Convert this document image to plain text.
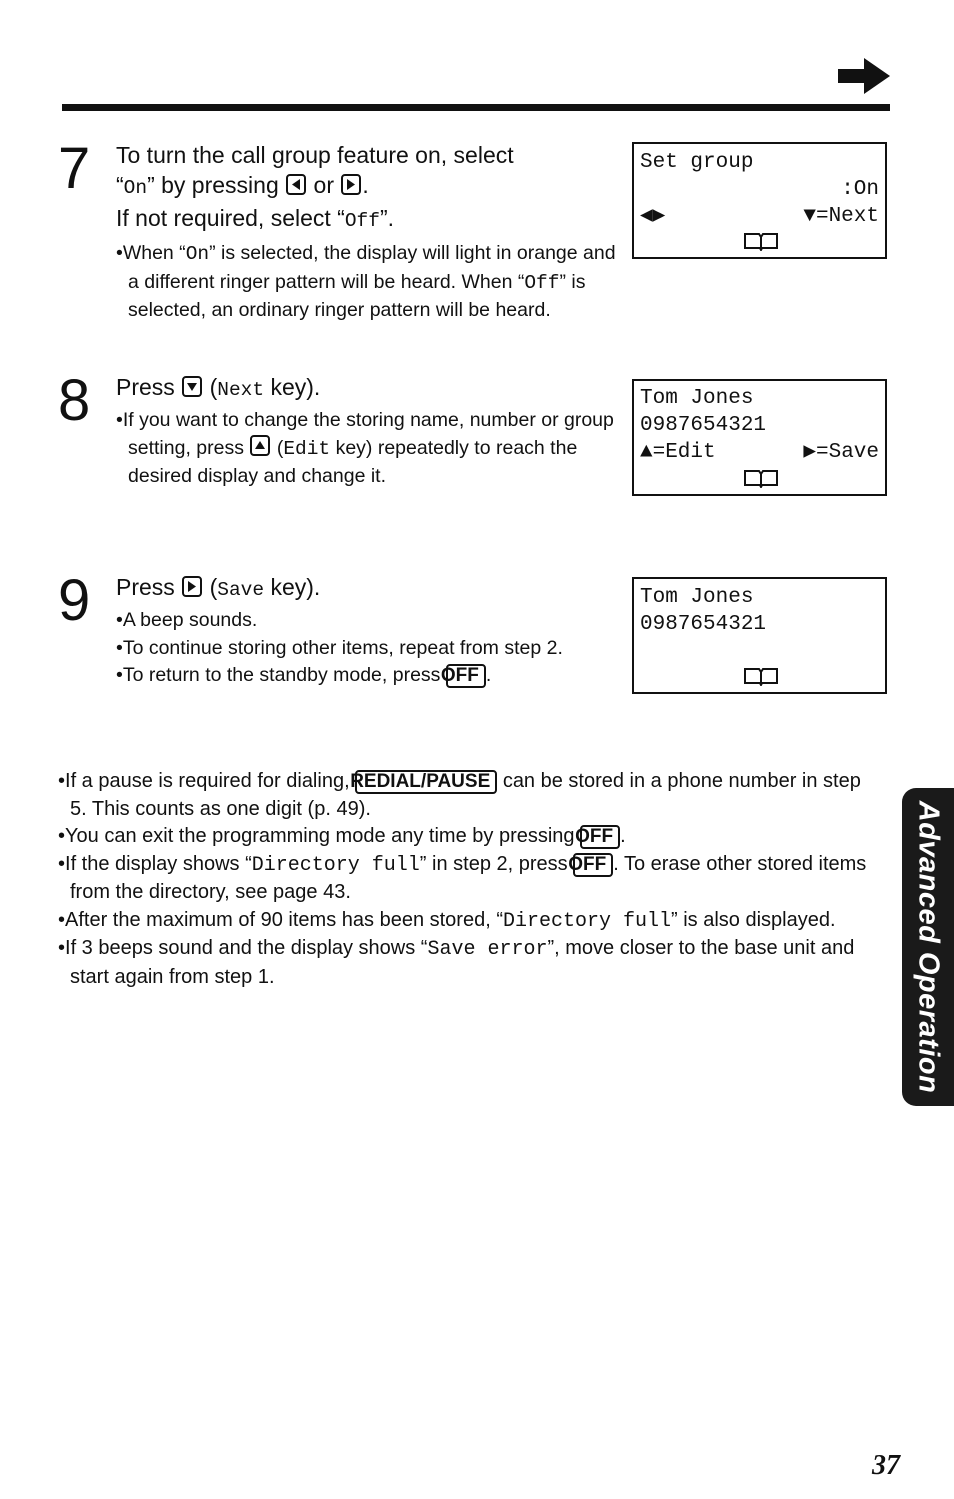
7 To turn the call group feature on, select
“On” by pressing or .
If not required, select “Off”.
• When “On” is selected, the display will light in orange and a different ringer pattern will be heard. When “Off” is selected, an ordinary ringer pattern will be heard.
Set group
:On
◀▶	▼=Next
8 Press (Next key).
• If you want to change the storing name, number or group setting, press
(Edit key) repeatedly to reach the desired display and change it.
Tom Jones
0987654321
▲=Edit	▶=Save
9 Press (Save key).
• A beep sounds.
• To continue storing other items, repeat from step 2.
• To return to the standby mode, press OFF .
Tom Jones
0987654321
• If a pause is required for dialing, REDIAL/PAUSE can be stored in a phone number in step 5. This counts as one digit (p. 49).
• You can exit the programming mode any time by pressing OFF .
• If the display shows “Directory full” in step 2, press OFF . To erase other stored items from the directory, see page 43.
• After the maximum of 90 items has been stored, “Directory full” is also displayed.
• If 3 beeps sound and the display shows “Save error”, move closer to the base unit and start again from step 1.	Advanced Operation
37
